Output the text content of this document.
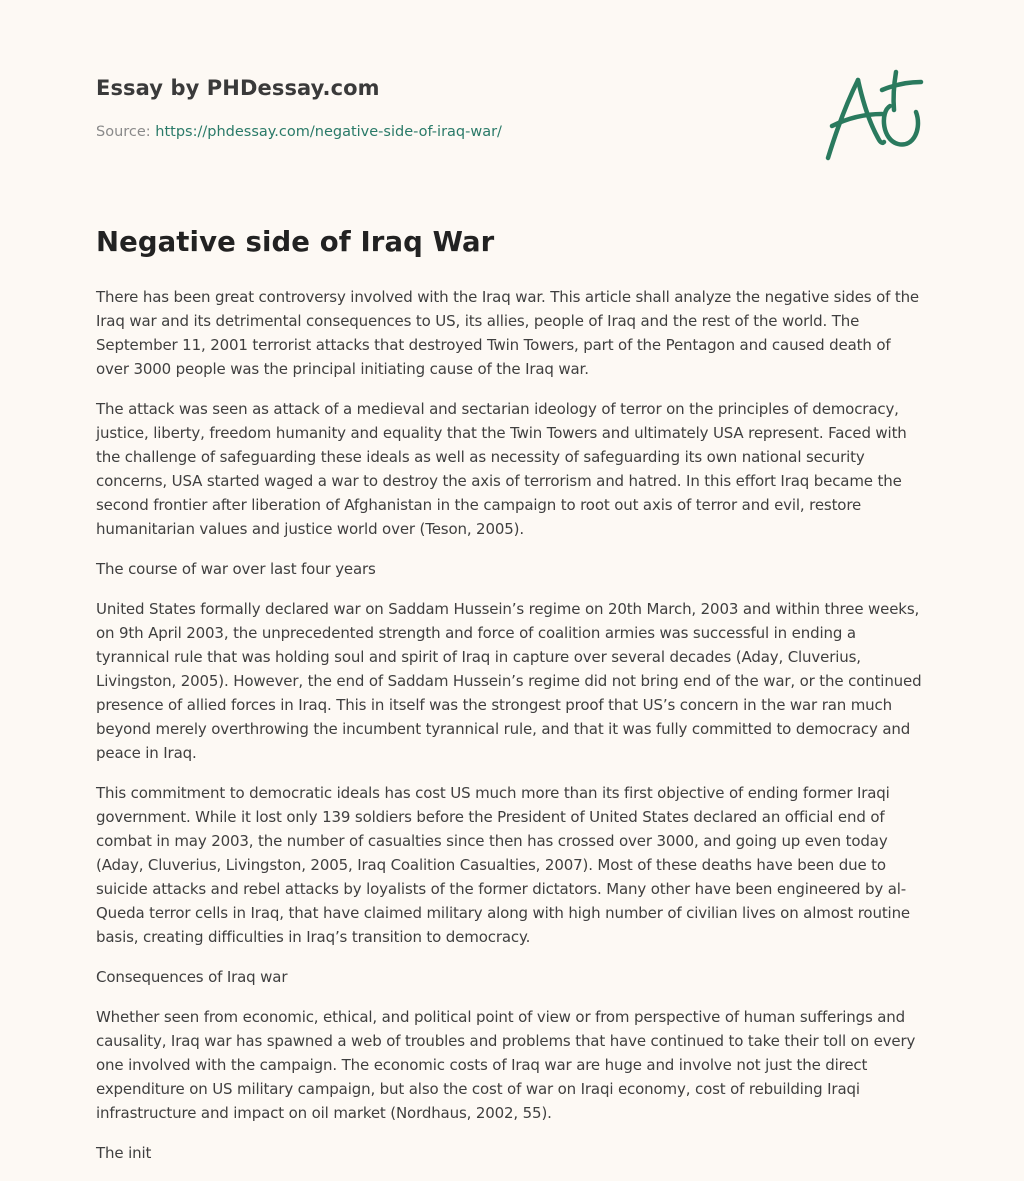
Essay by PHDessay.com

Source: https://phdessay.com/negative-side-of-iraq-war/

Negative side of Iraq War

There has been great controversy involved with the Iraq war. This article shall analyze the negative sides of the Iraq war and its detrimental consequences to US, its allies, people of Iraq and the rest of the world. The September 11, 2001 terrorist attacks that destroyed Twin Towers, part of the Pentagon and caused death of over 3000 people was the principal initiating cause of the Iraq war.

The attack was seen as attack of a medieval and sectarian ideology of terror on the principles of democracy, justice, liberty, freedom humanity and equality that the Twin Towers and ultimately USA represent. Faced with the challenge of safeguarding these ideals as well as necessity of safeguarding its own national security concerns, USA started waged a war to destroy the axis of terrorism and hatred. In this effort Iraq became the second frontier after liberation of Afghanistan in the campaign to root out axis of terror and evil, restore humanitarian values and justice world over (Teson, 2005).

The course of war over last four years

United States formally declared war on Saddam Hussein’s regime on 20th March, 2003 and within three weeks, on 9th April 2003, the unprecedented strength and force of coalition armies was successful in ending a tyrannical rule that was holding soul and spirit of Iraq in capture over several decades (Aday, Cluverius, Livingston, 2005). However, the end of Saddam Hussein’s regime did not bring end of the war, or the continued presence of allied forces in Iraq. This in itself was the strongest proof that US’s concern in the war ran much beyond merely overthrowing the incumbent tyrannical rule, and that it was fully committed to democracy and peace in Iraq.

This commitment to democratic ideals has cost US much more than its first objective of ending former Iraqi government. While it lost only 139 soldiers before the President of United States declared an official end of combat in may 2003, the number of casualties since then has crossed over 3000, and going up even today (Aday, Cluverius, Livingston, 2005, Iraq Coalition Casualties, 2007). Most of these deaths have been due to suicide attacks and rebel attacks by loyalists of the former dictators. Many other have been engineered by al-Queda terror cells in Iraq, that have claimed military along with high number of civilian lives on almost routine basis, creating difficulties in Iraq’s transition to democracy.

Consequences of Iraq war

Whether seen from economic, ethical, and political point of view or from perspective of human sufferings and causality, Iraq war has spawned a web of troubles and problems that have continued to take their toll on every one involved with the campaign. The economic costs of Iraq war are huge and involve not just the direct expenditure on US military campaign, but also the cost of war on Iraqi economy, cost of rebuilding Iraqi infrastructure and impact on oil market (Nordhaus, 2002, 55).

The init
